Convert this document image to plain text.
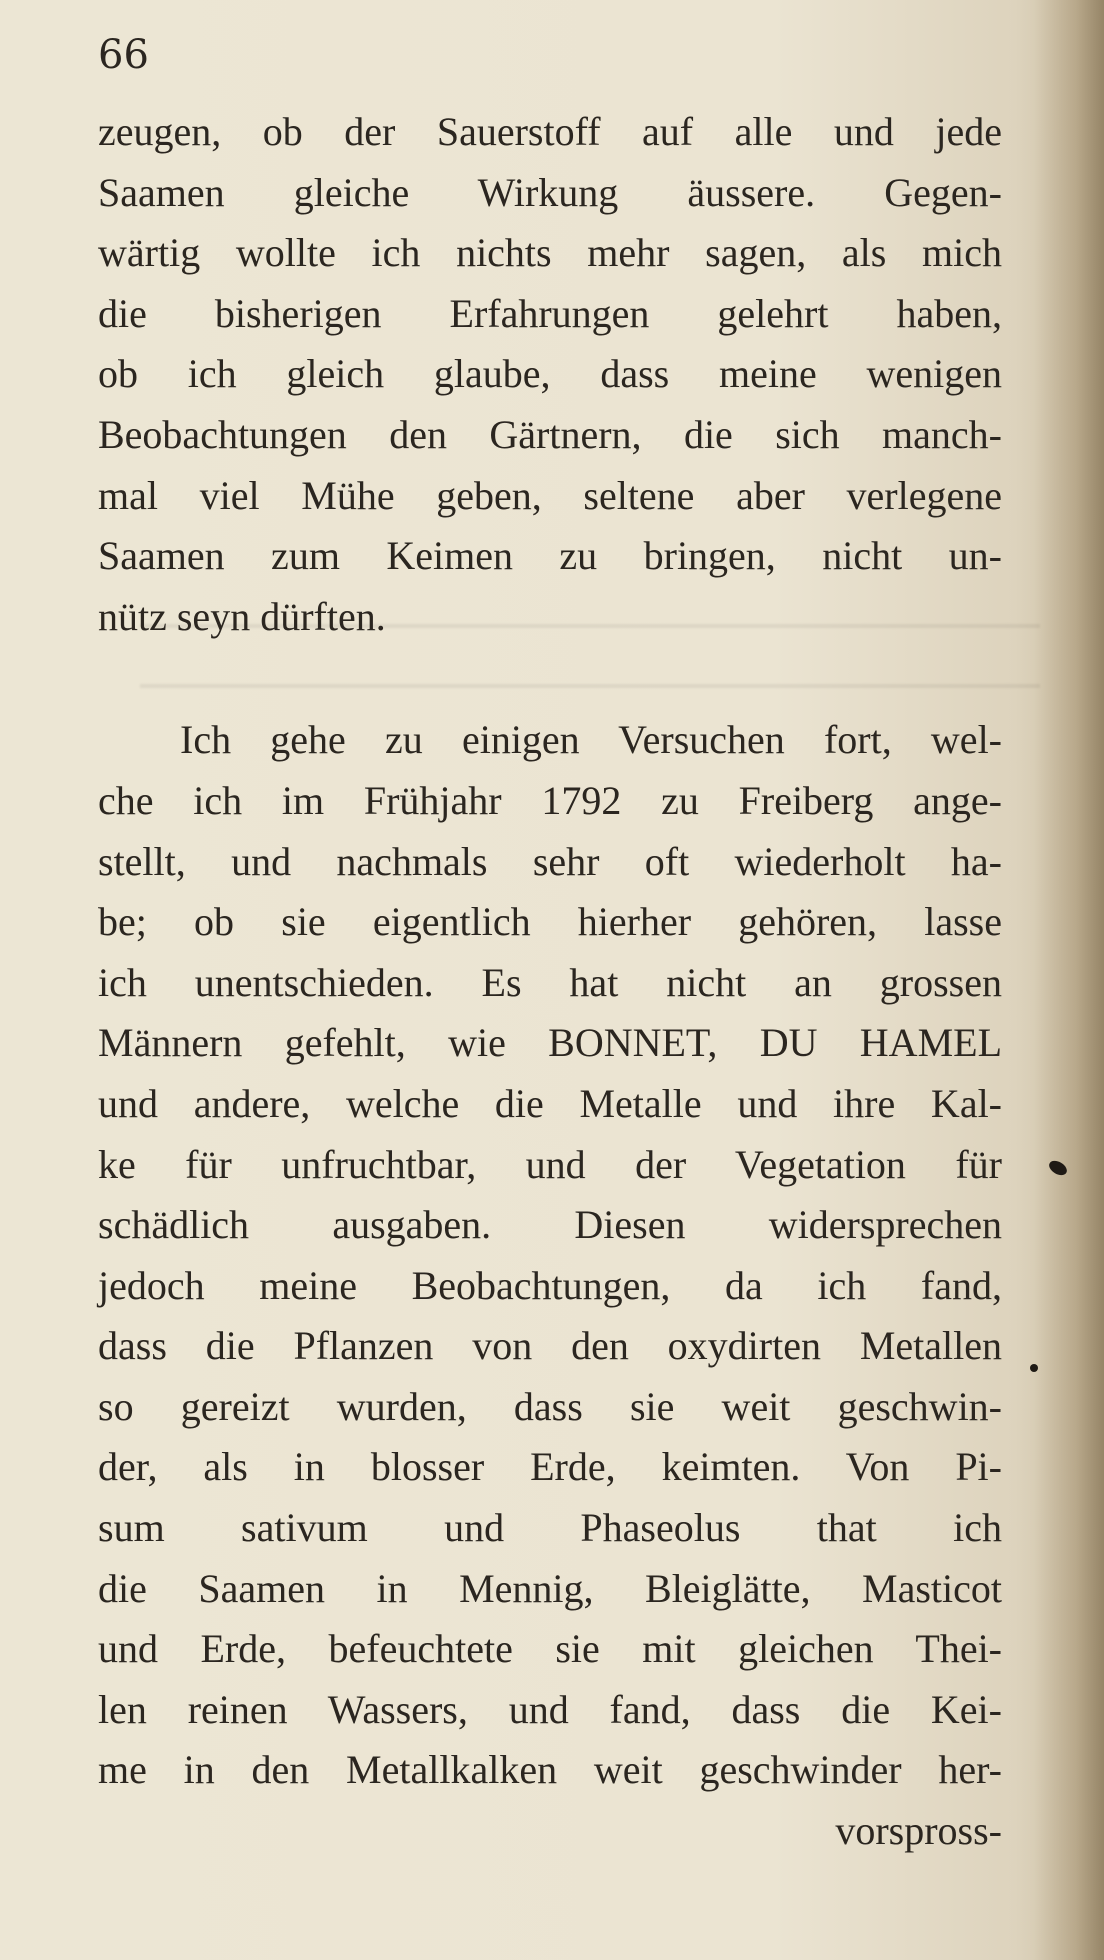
66
zeugen, ob der Sauerstoff auf alle und jede
Saamen gleiche Wirkung äussere. Gegen-
wärtig wollte ich nichts mehr sagen, als mich
die bisherigen Erfahrungen gelehrt haben,
ob ich gleich glaube, dass meine wenigen
Beobachtungen den Gärtnern, die sich manch-
mal viel Mühe geben, seltene aber verlegene
Saamen zum Keimen zu bringen, nicht un-
nütz seyn dürften.
Ich gehe zu einigen Versuchen fort, wel-
che ich im Frühjahr 1792 zu Freiberg ange-
stellt, und nachmals sehr oft wiederholt ha-
be; ob sie eigentlich hierher gehören, lasse
ich unentschieden. Es hat nicht an grossen
Männern gefehlt, wie BONNET, DU HAMEL
und andere, welche die Metalle und ihre Kal-
ke für unfruchtbar, und der Vegetation für
schädlich ausgaben. Diesen widersprechen
jedoch meine Beobachtungen, da ich fand,
dass die Pflanzen von den oxydirten Metallen
so gereizt wurden, dass sie weit geschwin-
der, als in blosser Erde, keimten. Von Pi-
sum sativum und Phaseolus that ich
die Saamen in Mennig, Bleiglätte, Masticot
und Erde, befeuchtete sie mit gleichen Thei-
len reinen Wassers, und fand, dass die Kei-
me in den Metallkalken weit geschwinder her-
vorspross-
